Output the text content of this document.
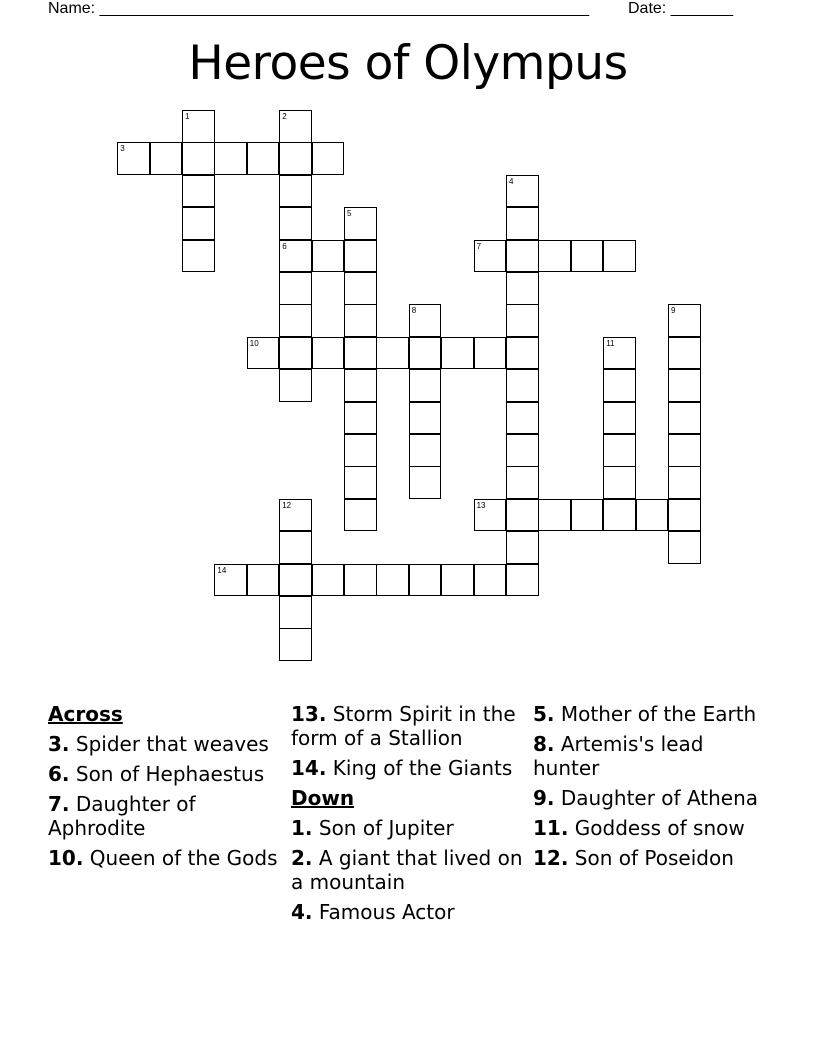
Name: _______________________________________________________ Date: _______
Heroes of Olympus
1	2
3
4
5
6	7
8	9
10	11
12	13
14
Across
3. Spider that weaves
6. Son of Hephaestus
7. Daughter of Aphrodite
10. Queen of the Gods
13. Storm Spirit in the form of a Stallion
14. King of the Giants
Down
1. Son of Jupiter
2. A giant that lived on a mountain
4. Famous Actor
5. Mother of the Earth
8. Artemis's lead hunter
9. Daughter of Athena
11. Goddess of snow
12. Son of Poseidon
